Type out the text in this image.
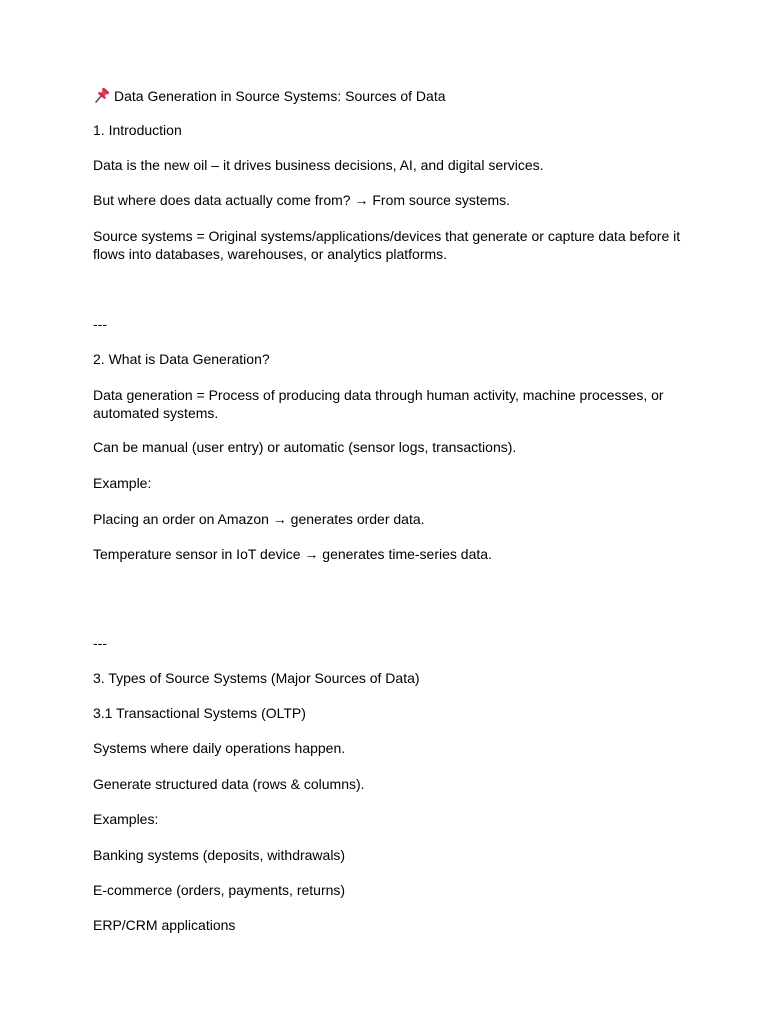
Data Generation in Source Systems: Sources of Data

1. Introduction

Data is the new oil – it drives business decisions, AI, and digital services.

But where does data actually come from? → From source systems.

Source systems = Original systems/applications/devices that generate or capture data before it flows into databases, warehouses, or analytics platforms.

---

2. What is Data Generation?

Data generation = Process of producing data through human activity, machine processes, or automated systems.

Can be manual (user entry) or automatic (sensor logs, transactions).

Example:

Placing an order on Amazon → generates order data.

Temperature sensor in IoT device → generates time-series data.

---

3. Types of Source Systems (Major Sources of Data)

3.1 Transactional Systems (OLTP)

Systems where daily operations happen.

Generate structured data (rows & columns).

Examples:

Banking systems (deposits, withdrawals)

E-commerce (orders, payments, returns)

ERP/CRM applications
